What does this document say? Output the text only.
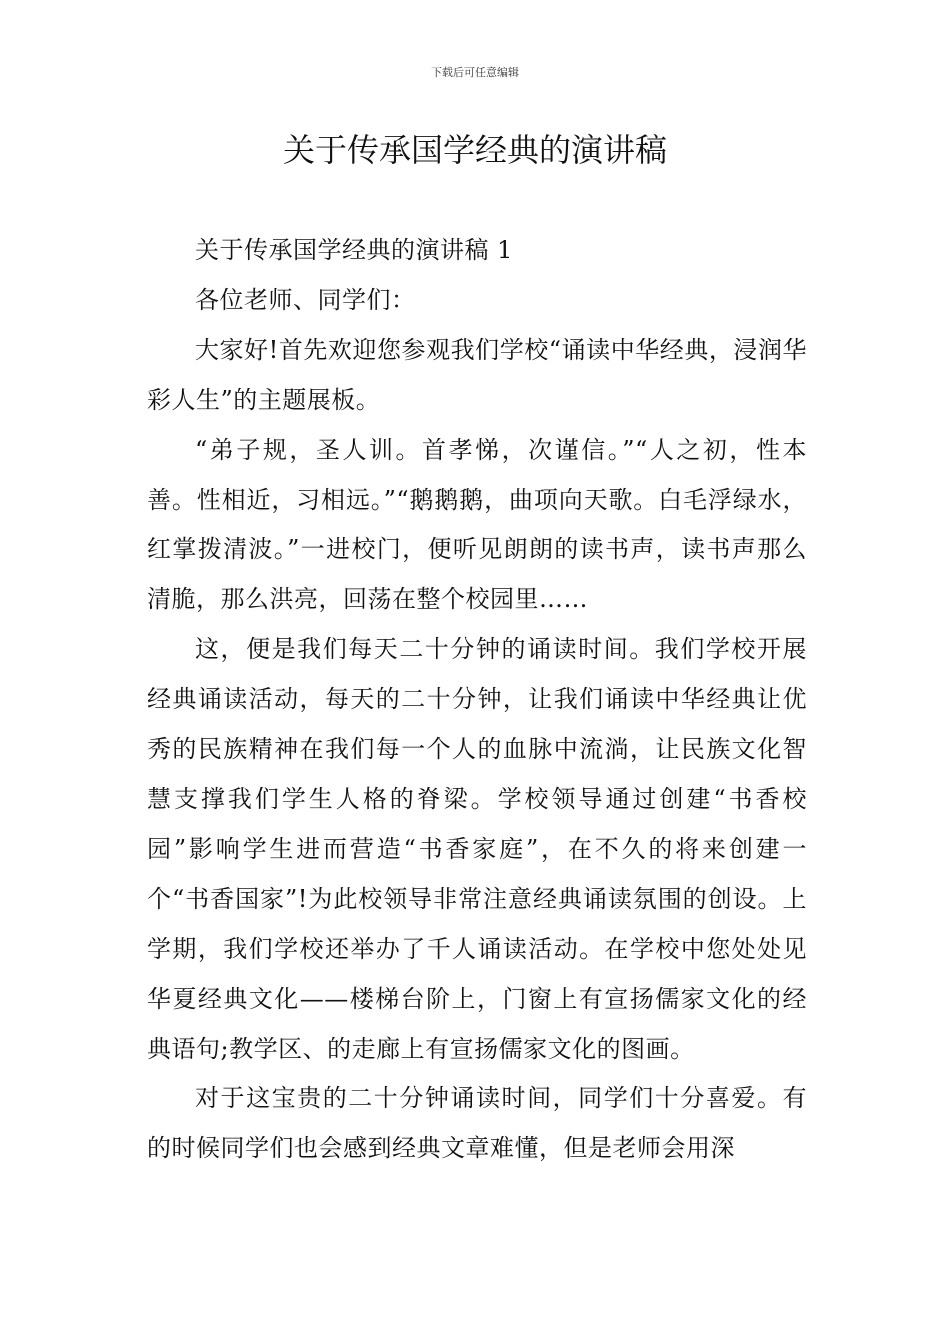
下载后可任意编辑
关于传承国学经典的演讲稿

关于传承国学经典的演讲稿 1

各位老师、同学们：

大家好!首先欢迎您参观我们学校“诵读中华经典，浸润华彩人生”的主题展板。

“弟子规，圣人训。首孝悌，次谨信。”“人之初，性本善。性相近，习相远。”“鹅鹅鹅，曲项向天歌。白毛浮绿水，红掌拨清波。”一进校门，便听见朗朗的读书声，读书声那么清脆，那么洪亮，回荡在整个校园里……

这，便是我们每天二十分钟的诵读时间。我们学校开展经典诵读活动，每天的二十分钟，让我们诵读中华经典让优秀的民族精神在我们每一个人的血脉中流淌，让民族文化智慧支撑我们学生人格的脊梁。学校领导通过创建“书香校园”影响学生进而营造“书香家庭”，在不久的将来创建一个“书香国家”!为此校领导非常注意经典诵读氛围的创设。上学期，我们学校还举办了千人诵读活动。在学校中您处处见华夏经典文化——楼梯台阶上，门窗上有宣扬儒家文化的经典语句;教学区、的走廊上有宣扬儒家文化的图画。

对于这宝贵的二十分钟诵读时间，同学们十分喜爱。有的时候同学们也会感到经典文章难懂，但是老师会用深
